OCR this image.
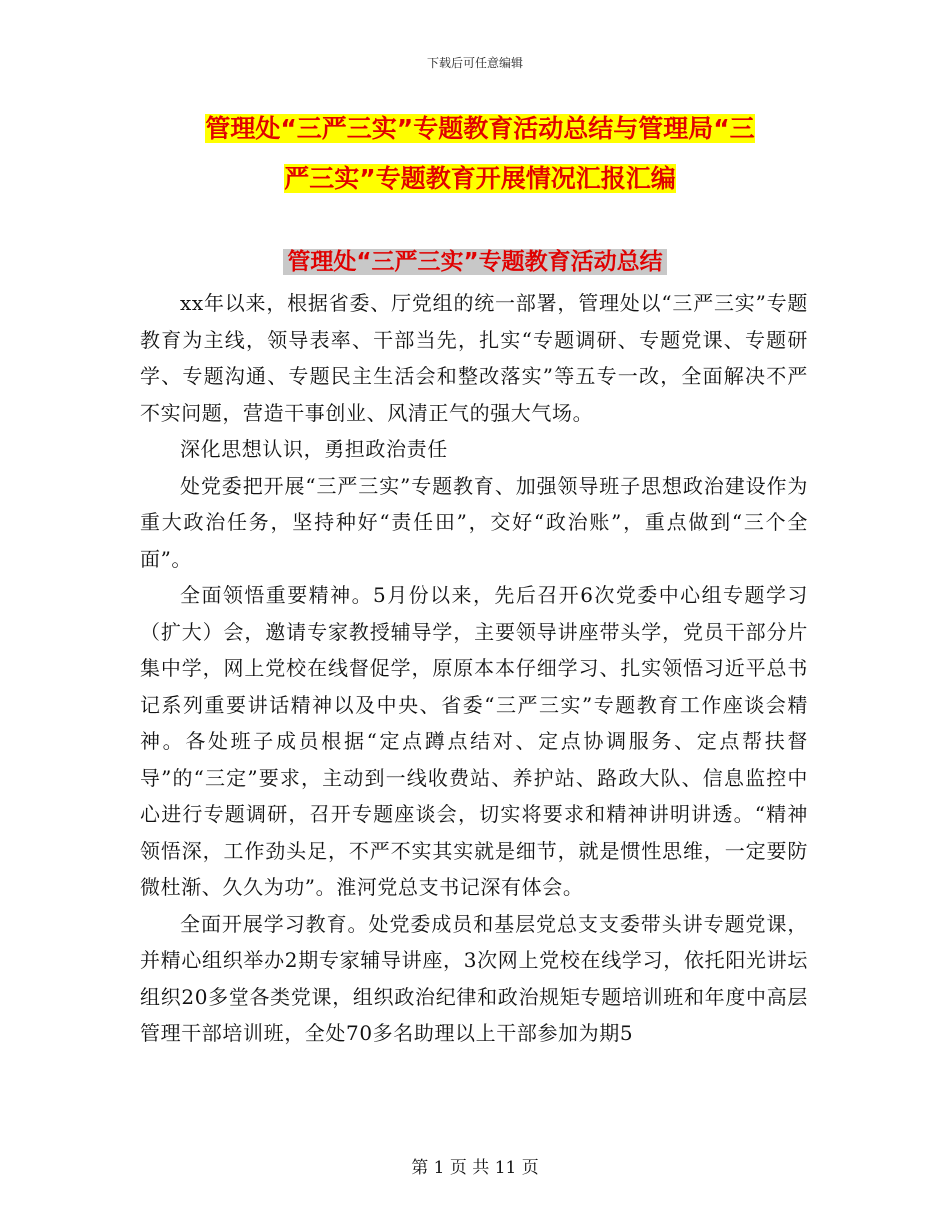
下载后可任意编辑
管理处“三严三实”专题教育活动总结与管理局“三
严三实”专题教育开展情况汇报汇编
管理处“三严三实”专题教育活动总结

xx年以来，根据省委、厅党组的统一部署，管理处以“三严三实”专题教育为主线，领导表率、干部当先，扎实“专题调研、专题党课、专题研学、专题沟通、专题民主生活会和整改落实”等五专一改，全面解决不严不实问题，营造干事创业、风清正气的强大气场。

深化思想认识，勇担政治责任

处党委把开展“三严三实”专题教育、加强领导班子思想政治建设作为重大政治任务，坚持种好“责任田”，交好“政治账”，重点做到“三个全面”。

全面领悟重要精神。5月份以来，先后召开6次党委中心组专题学习（扩大）会，邀请专家教授辅导学，主要领导讲座带头学，党员干部分片集中学，网上党校在线督促学，原原本本仔细学习、扎实领悟习近平总书记系列重要讲话精神以及中央、省委“三严三实”专题教育工作座谈会精神。各处班子成员根据“定点蹲点结对、定点协调服务、定点帮扶督导”的“三定”要求，主动到一线收费站、养护站、路政大队、信息监控中心进行专题调研，召开专题座谈会，切实将要求和精神讲明讲透。“精神领悟深，工作劲头足，不严不实其实就是细节，就是惯性思维，一定要防微杜渐、久久为功”。淮河党总支书记深有体会。

全面开展学习教育。处党委成员和基层党总支支委带头讲专题党课，并精心组织举办2期专家辅导讲座，3次网上党校在线学习，依托阳光讲坛组织20多堂各类党课，组织政治纪律和政治规矩专题培训班和年度中高层管理干部培训班，全处70多名助理以上干部参加为期5

第 1 页 共 11 页
